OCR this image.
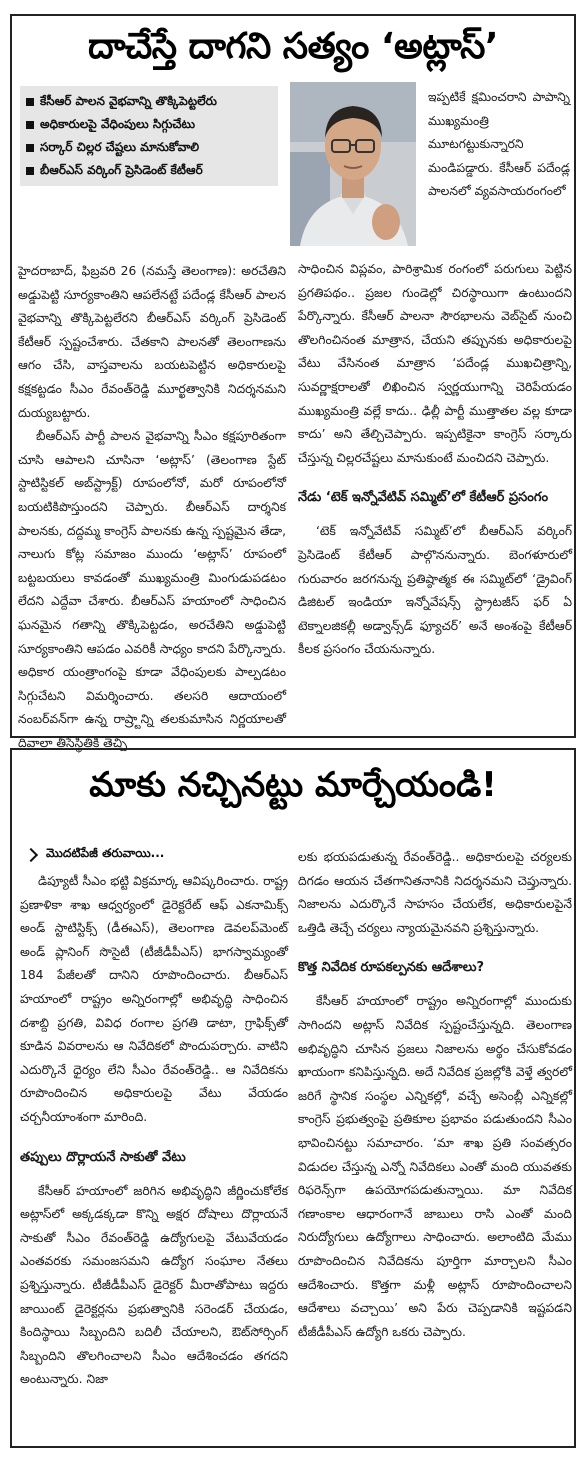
దాచేస్తే దాగని సత్యం ‘అట్లాస్’
కేసీఆర్ పాలన వైభవాన్ని తొక్కిపెట్టలేరు
అధికారులపై వేధింపులు సిగ్గుచేటు
సర్కార్ చిల్లర చేష్టలు మానుకోవాలి
బీఆర్ఎస్ వర్కింగ్ ప్రెసిడెంట్ కేటీఆర్

ఇప్పటికే క్షమించరాని పాపాన్ని ముఖ్యమంత్రి మూటగట్టుకున్నారని మండిపడ్డారు. కేసీఆర్ పదేండ్ల పాలనలో వ్యవసాయరంగంలో

హైదరాబాద్, ఫిబ్రవరి 26 (నమస్తే తెలంగాణ): అరచేతిని అడ్డుపెట్టి సూర్యకాంతిని ఆపలేనట్టే పదేండ్ల కేసీఆర్ పాలన వైభవాన్ని తొక్కిపెట్టలేరని బీఆర్ఎస్ వర్కింగ్ ప్రెసిడెంట్ కేటీఆర్ స్పష్టంచేశారు. చేతకాని పాలనతో తెలంగాణను ఆగం చేసి, వాస్తవాలను బయటపెట్టిన అధికారులపై కక్షకట్టడం సీఎం రేవంత్‌రెడ్డి మూర్ఖత్వానికి నిదర్శనమని దుయ్యబట్టారు.

బీఆర్ఎస్ పార్టీ పాలన వైభవాన్ని సీఎం కక్షపూరితంగా చూసి ఆపాలని చూసినా ‘అట్లాస్’ (తెలంగాణ స్టేట్ స్టాటిస్టికల్ అబ్‌స్ట్రాక్ట్) రూపంలోనో, మరో రూపంలోనో బయటికిపొస్తుందని చెప్పారు. బీఆర్ఎస్ దార్శనిక పాలనకు, దద్దమ్మ కాంగ్రెస్ పాలనకు ఉన్న స్పష్టమైన తేడా, నాలుగు కోట్ల సమాజం ముందు ‘అట్లాస్’ రూపంలో బట్టబయలు కావడంతో ముఖ్యమంత్రి మింగుడుపడటం లేదని ఎద్దేవా చేశారు. బీఆర్ఎస్ హయాంలో సాధించిన ఘనమైన గతాన్ని తొక్కిపెట్టడం, అరచేతిని అడ్డుపెట్టి సూర్యకాంతిని ఆపడం ఎవరికీ సాధ్యం కాదని పేర్కొన్నారు. అధికార యంత్రాంగంపై కూడా వేధింపులకు పాల్పడటం సిగ్గుచేటని విమర్శించారు. తలసరి ఆదాయంలో నంబర్‌వన్‌గా ఉన్న రాష్ర్టాన్ని తలకుమాసిన నిర్ణయాలతో దివాలా తీసేస్థితికి తెచ్చి

సాధించిన విప్లవం, పారిశ్రామిక రంగంలో పరుగులు పెట్టిన ప్రగతిపథం.. ప్రజల గుండెల్లో చిరస్థాయిగా ఉంటుందని పేర్కొన్నారు. కేసీఆర్ పాలనా సౌరభాలను వెబ్‌సైట్ నుంచి తొలగించినంత మాత్రాన, చేయని తప్పునకు అధికారులపై వేటు వేసినంత మాత్రాన ‘పదేండ్ల ముఖచిత్రాన్ని, సువర్ణాక్షరాలతో లిఖించిన స్వర్ణయుగాన్ని చెరిపేయడం ముఖ్యమంత్రి వల్లే కాదు.. ఢిల్లీ పార్టీ ముత్తాతల వల్ల కూడా కాదు’ అని తేల్చిచెప్పారు. ఇప్పటికైనా కాంగ్రెస్ సర్కారు చేస్తున్న చిల్లరచేష్టలు మానుకుంటే మంచిదని చెప్పారు.

నేడు ‘టెక్ ఇన్నోవేటివ్ సమ్మిట్’లో కేటీఆర్ ప్రసంగం

‘టెక్ ఇన్నోవేటివ్ సమ్మిట్’లో బీఆర్ఎస్ వర్కింగ్ ప్రెసిడెంట్ కేటీఆర్ పాల్గొననున్నారు. బెంగళూరులో గురువారం జరగనున్న ప్రతిష్ఠాత్మక ఈ సమ్మిట్‌లో ‘డ్రైవింగ్ డిజిటల్ ఇండియా ఇన్నోవేషన్స్ స్ట్రాటజీస్ ఫర్ ఏ టెక్నాలజికల్లీ అడ్వాన్స్‌డ్ ఫ్యూచర్’ అనే అంశంపై కేటీఆర్ కీలక ప్రసంగం చేయనున్నారు.

మాకు నచ్చినట్టు మార్చేయండి!
మొదటిపేజీ తరువాయి...

డిప్యూటీ సీఎం భట్టి విక్రమార్క ఆవిష్కరించారు. రాష్ట్ర ప్రణాళికా శాఖ ఆధ్వర్యంలో డైరెక్టరేట్ ఆఫ్ ఎకనామిక్స్ అండ్ స్టాటిస్టిక్స్ (డీఈఎస్), తెలంగాణ డెవలప్‌మెంట్ అండ్ ప్లానింగ్ సొసైటీ (టీజీడీపీఎస్) భాగస్వామ్యంతో 184 పేజీలతో దానిని రూపొందించారు. బీఆర్ఎస్ హయాంలో రాష్ట్రం అన్నిరంగాల్లో అభివృద్ధి సాధించిన దశాబ్ది ప్రగతి, వివిధ రంగాల ప్రగతి డాటా, గ్రాఫిక్స్‌తో కూడిన వివరాలను ఆ నివేదికలో పొందుపర్చారు. వాటిని ఎదుర్కొనే ధైర్యం లేని సీఎం రేవంత్‌రెడ్డి.. ఆ నివేదికను రూపొందించిన అధికారులపై వేటు వేయడం చర్చనీయాంశంగా మారింది.

తప్పులు దొర్లాయనే సాకుతో వేటు

కేసీఆర్ హయాంలో జరిగిన అభివృద్ధిని జీర్ణించుకోలేక అట్లాస్‌లో అక్కడక్కడా కొన్ని అక్షర దోషాలు దొర్లాయనే సాకుతో సీఎం రేవంత్‌రెడ్డి ఉద్యోగులపై వేటువేయడం ఎంతవరకు సమంజసమని ఉద్యోగ సంఘాల నేతలు ప్రశ్నిస్తున్నారు. టీజీడీపీఎస్ డైరెక్టర్ మీరాతోపాటు ఇద్దరు జాయింట్ డైరెక్టర్లను ప్రభుత్వానికి సరెండర్ చేయడం, కిందిస్థాయి సిబ్బందిని బదిలీ చేయాలని, ఔట్‌సోర్సింగ్ సిబ్బందిని తొలగించాలని సీఎం ఆదేశించడం తగదని అంటున్నారు. నిజా

లకు భయపడుతున్న రేవంత్‌రెడ్డి.. అధికారులపై చర్యలకు దిగడం ఆయన చేతగానితనానికి నిదర్శనమని చెప్తున్నారు. నిజాలను ఎదుర్కొనే సాహసం చేయలేక, అధికారులపైనే ఒత్తిడి తెచ్చే చర్యలు న్యాయమైనవని ప్రశ్నిస్తున్నారు.

కొత్త నివేదిక రూపకల్పనకు ఆదేశాలు?

కేసీఆర్ హయాంలో రాష్ట్రం అన్నిరంగాల్లో ముందుకు సాగిందని అట్లాస్ నివేదిక స్పష్టంచేస్తున్నది. తెలంగాణ అభివృద్ధిని చూసిన ప్రజలు నిజాలను అర్థం చేసుకోవడం ఖాయంగా కనిపిస్తున్నది. అదే నివేదిక ప్రజల్లోకి వెళ్తే త్వరలో జరిగే స్థానిక సంస్థల ఎన్నికల్లో, వచ్చే అసెంబ్లీ ఎన్నికల్లో కాంగ్రెస్ ప్రభుత్వంపై ప్రతికూల ప్రభావం పడుతుందని సీఎం భావించినట్టు సమాచారం. ‘మా శాఖ ప్రతి సంవత్సరం విడుదల చేస్తున్న ఎన్నో నివేదికలు ఎంతో మంది యువతకు రిఫరెన్స్‌గా ఉపయోగపడుతున్నాయి. మా నివేదిక గణాంకాల ఆధారంగానే జాబులు రాసి ఎంతో మంది నిరుద్యోగులు ఉద్యోగాలు సాధించారు. అలాంటిది మేము రూపొందించిన నివేదికను పూర్తిగా మార్చాలని సీఎం ఆదేశించారు. కొత్తగా మళ్లీ అట్లాస్ రూపొందించాలని ఆదేశాలు వచ్చాయి’ అని పేరు చెప్పడానికి ఇష్టపడని టీజీడీపీఎస్ ఉద్యోగి ఒకరు చెప్పారు.
